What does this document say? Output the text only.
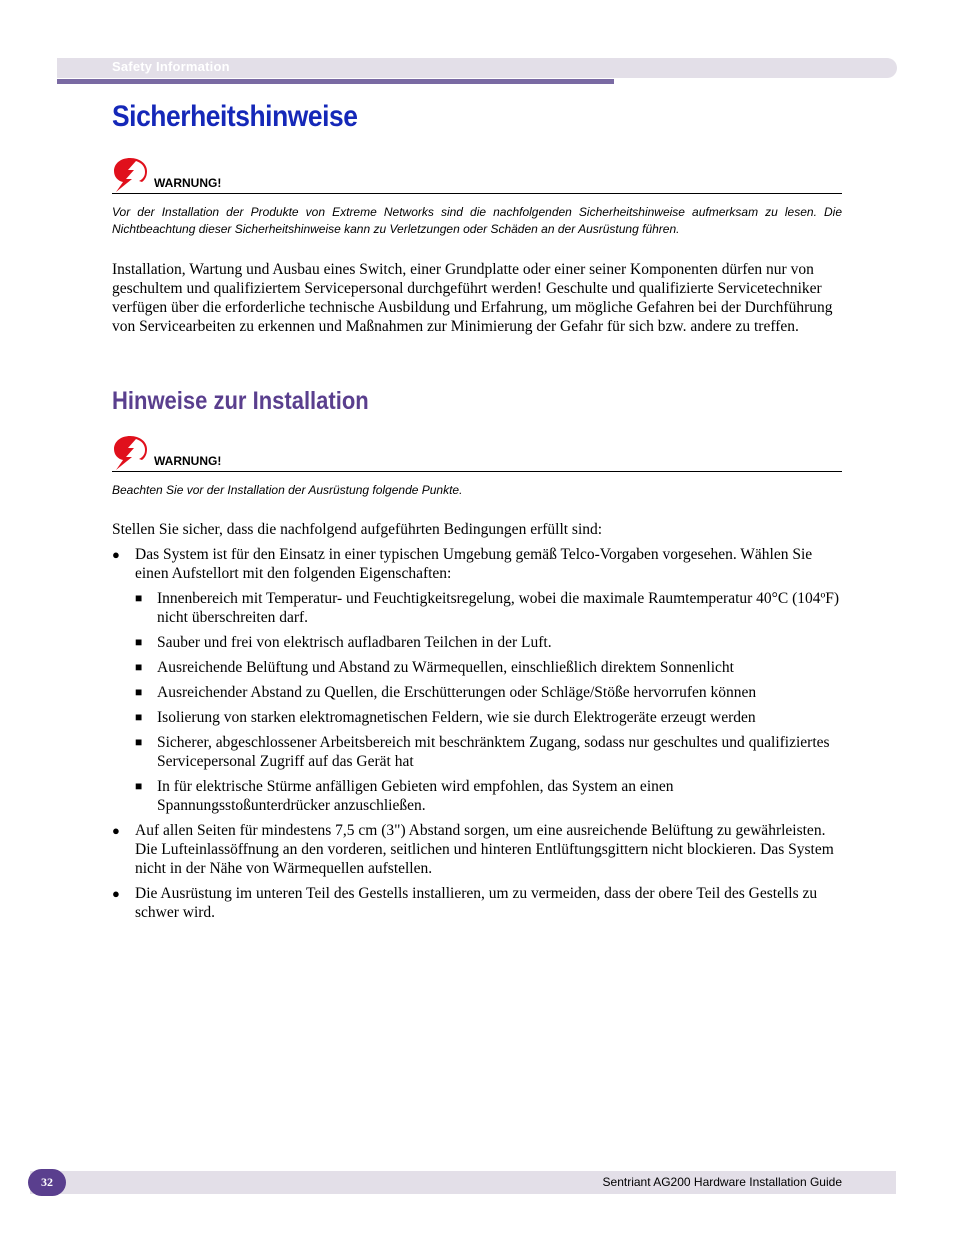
Safety Information
Sicherheitshinweise
WARNUNG!
Vor der Installation der Produkte von Extreme Networks sind die nachfolgenden Sicherheitshinweise aufmerksam zu lesen. Die Nichtbeachtung dieser Sicherheitshinweise kann zu Verletzungen oder Schäden an der Ausrüstung führen.
Installation, Wartung und Ausbau eines Switch, einer Grundplatte oder einer seiner Komponenten dürfen nur von geschultem und qualifiziertem Servicepersonal durchgeführt werden! Geschulte und qualifizierte Servicetechniker verfügen über die erforderliche technische Ausbildung und Erfahrung, um mögliche Gefahren bei der Durchführung von Servicearbeiten zu erkennen und Maßnahmen zur Minimierung der Gefahr für sich bzw. andere zu treffen.
Hinweise zur Installation
WARNUNG!
Beachten Sie vor der Installation der Ausrüstung folgende Punkte.
Stellen Sie sicher, dass die nachfolgend aufgeführten Bedingungen erfüllt sind:
● Das System ist für den Einsatz in einer typischen Umgebung gemäß Telco-Vorgaben vorgesehen. Wählen Sie einen Aufstellort mit den folgenden Eigenschaften:
■ Innenbereich mit Temperatur- und Feuchtigkeitsregelung, wobei die maximale Raumtemperatur 40°C (104ºF) nicht überschreiten darf.
■ Sauber und frei von elektrisch aufladbaren Teilchen in der Luft.
■ Ausreichende Belüftung und Abstand zu Wärmequellen, einschließlich direktem Sonnenlicht
■ Ausreichender Abstand zu Quellen, die Erschütterungen oder Schläge/Stöße hervorrufen können
■ Isolierung von starken elektromagnetischen Feldern, wie sie durch Elektrogeräte erzeugt werden
■ Sicherer, abgeschlossener Arbeitsbereich mit beschränktem Zugang, sodass nur geschultes und qualifiziertes Servicepersonal Zugriff auf das Gerät hat
■ In für elektrische Stürme anfälligen Gebieten wird empfohlen, das System an einen Spannungsstoßunterdrücker anzuschließen.
● Auf allen Seiten für mindestens 7,5 cm (3") Abstand sorgen, um eine ausreichende Belüftung zu gewährleisten. Die Lufteinlassöffnung an den vorderen, seitlichen und hinteren Entlüftungsgittern nicht blockieren. Das System nicht in der Nähe von Wärmequellen aufstellen.
● Die Ausrüstung im unteren Teil des Gestells installieren, um zu vermeiden, dass der obere Teil des Gestells zu schwer wird.
32	Sentriant AG200 Hardware Installation Guide
